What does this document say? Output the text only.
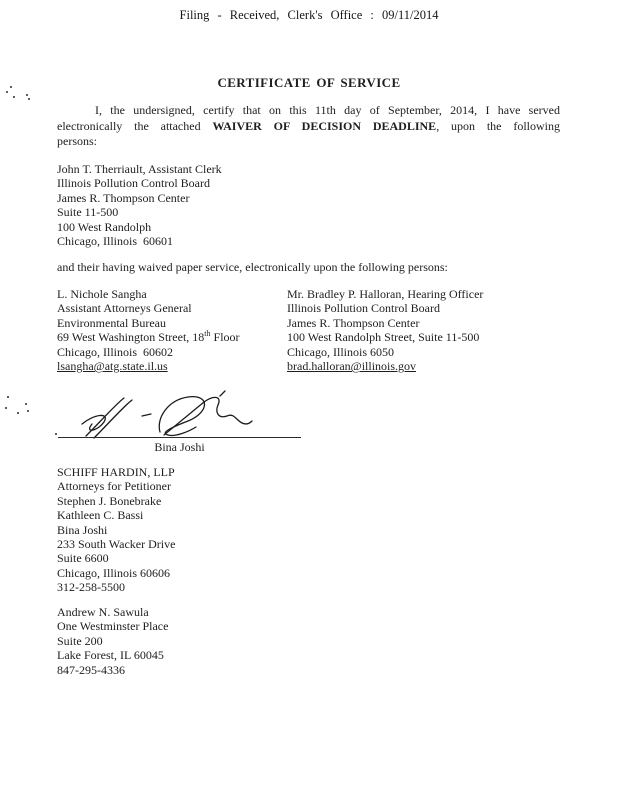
Filing - Received, Clerk's Office : 09/11/2014
CERTIFICATE OF SERVICE
I, the undersigned, certify that on this 11th day of September, 2014, I have served
electronically the attached WAIVER OF DECISION DEADLINE, upon the following
persons:
John T. Therriault, Assistant Clerk
Illinois Pollution Control Board
James R. Thompson Center
Suite 11-500
100 West Randolph
Chicago, Illinois  60601
and their having waived paper service, electronically upon the following persons:
L. Nichole Sangha
Assistant Attorneys General
Environmental Bureau
69 West Washington Street, 18th Floor
Chicago, Illinois  60602
lsangha@atg.state.il.us
Mr. Bradley P. Halloran, Hearing Officer
Illinois Pollution Control Board
James R. Thompson Center
100 West Randolph Street, Suite 11-500
Chicago, Illinois 6050
brad.halloran@illinois.gov
Bina Joshi
SCHIFF HARDIN, LLP
Attorneys for Petitioner
Stephen J. Bonebrake
Kathleen C. Bassi
Bina Joshi
233 South Wacker Drive
Suite 6600
Chicago, Illinois 60606
312-258-5500
Andrew N. Sawula
One Westminster Place
Suite 200
Lake Forest, IL 60045
847-295-4336
